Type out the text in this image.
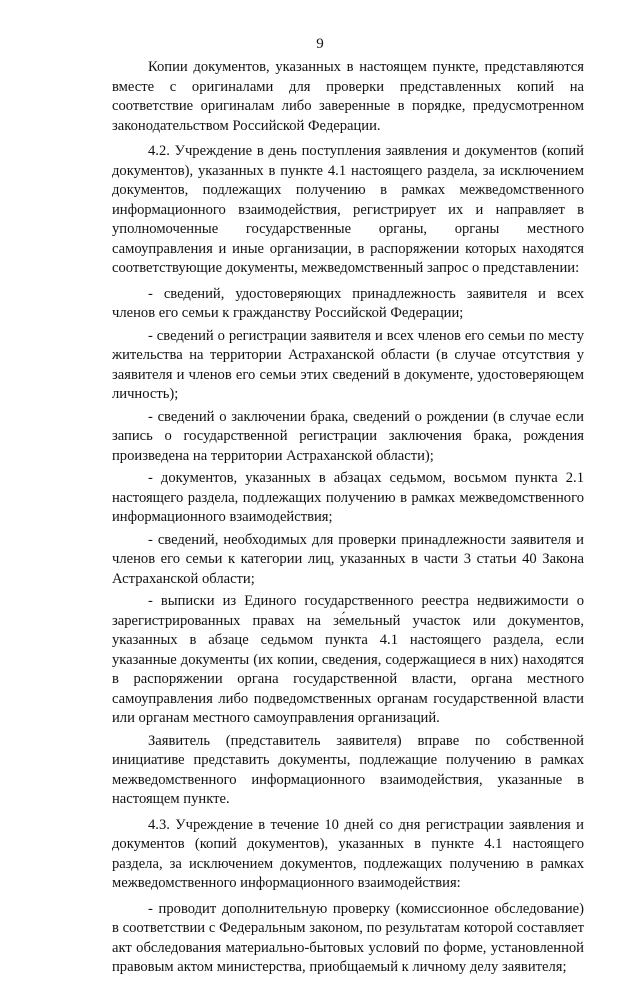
9

Копии документов, указанных в настоящем пункте, представляются вместе с оригиналами для проверки представленных копий на соответствие оригиналам либо заверенные в порядке, предусмотренном законодательством Российской Федерации.

4.2. Учреждение в день поступления заявления и документов (копий документов), указанных в пункте 4.1 настоящего раздела, за исключением документов, подлежащих получению в рамках межведомственного информационного взаимодействия, регистрирует их и направляет в уполномоченные государственные органы, органы местного самоуправления и иные организации, в распоряжении которых находятся соответствующие документы, межведомственный запрос о представлении:

- сведений, удостоверяющих принадлежность заявителя и всех членов его семьи к гражданству Российской Федерации;

- сведений о регистрации заявителя и всех членов его семьи по месту жительства на территории Астраханской области (в случае отсутствия у заявителя и членов его семьи этих сведений в документе, удостоверяющем личность);

- сведений о заключении брака, сведений о рождении (в случае если запись о государственной регистрации заключения брака, рождения произведена на территории Астраханской области);

- документов, указанных в абзацах седьмом, восьмом пункта 2.1 настоящего раздела, подлежащих получению в рамках межведомственного информационного взаимодействия;

- сведений, необходимых для проверки принадлежности заявителя и членов его семьи к категории лиц, указанных в части 3 статьи 40 Закона Астраханской области;

- выписки из Единого государственного реестра недвижимости о зарегистрированных правах на зе́мельный участок или документов, указанных в абзаце седьмом пункта 4.1 настоящего раздела, если указанные документы (их копии, сведения, содержащиеся в них) находятся в распоряжении органа государственной власти, органа местного самоуправления либо подведомственных органам государственной власти или органам местного самоуправления организаций.

Заявитель (представитель заявителя) вправе по собственной инициативе представить документы, подлежащие получению в рамках межведомственного информационного взаимодействия, указанные в настоящем пункте.

4.3. Учреждение в течение 10 дней со дня регистрации заявления и документов (копий документов), указанных в пункте 4.1 настоящего раздела, за исключением документов, подлежащих получению в рамках межведомственного информационного взаимодействия:

- проводит дополнительную проверку (комиссионное обследование) в соответствии с Федеральным законом, по результатам которой составляет акт обследования материально-бытовых условий по форме, установленной правовым актом министерства, приобщаемый к личному делу заявителя;
